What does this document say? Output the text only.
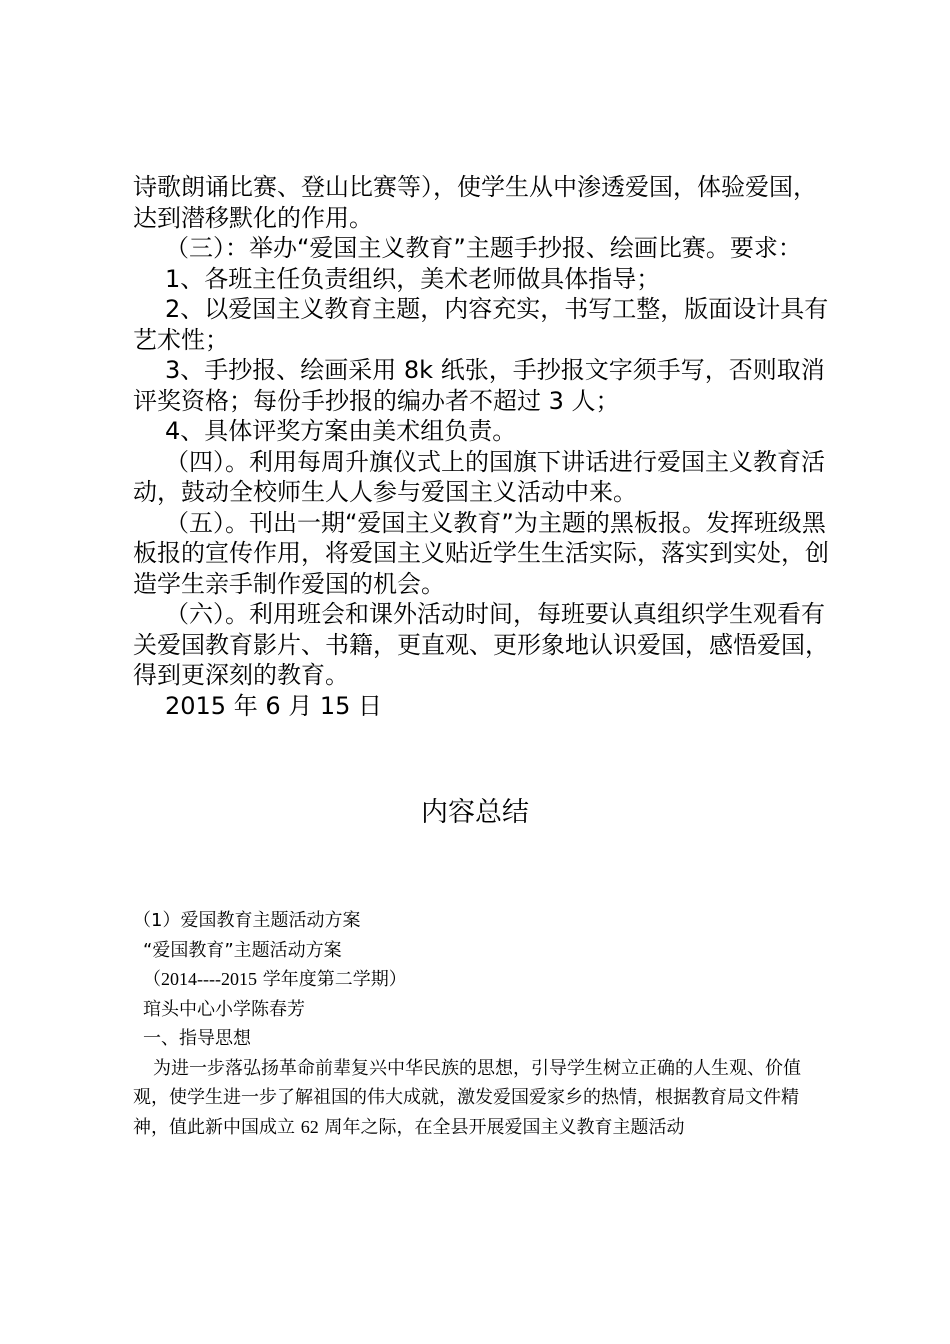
诗歌朗诵比赛、登山比赛等），使学生从中渗透爱国，体验爱国，达到潜移默化的作用。

（三）：举办“爱国主义教育”主题手抄报、绘画比赛。要求：

1、各班主任负责组织，美术老师做具体指导；

2、以爱国主义教育主题，内容充实，书写工整，版面设计具有艺术性；

3、手抄报、绘画采用 8k 纸张，手抄报文字须手写，否则取消评奖资格；每份手抄报的编办者不超过 3 人；

4、具体评奖方案由美术组负责。

（四）。利用每周升旗仪式上的国旗下讲话进行爱国主义教育活动，鼓动全校师生人人参与爱国主义活动中来。

（五）。刊出一期“爱国主义教育”为主题的黑板报。发挥班级黑板报的宣传作用，将爱国主义贴近学生生活实际，落实到实处，创造学生亲手制作爱国的机会。

（六）。利用班会和课外活动时间，每班要认真组织学生观看有关爱国教育影片、书籍，更直观、更形象地认识爱国，感悟爱国，得到更深刻的教育。

2015 年 6 月 15 日

内容总结

（1）爱国教育主题活动方案

“爱国教育”主题活动方案

（2014----2015 学年度第二学期）

琯头中心小学陈春芳

一、指导思想

为进一步落弘扬革命前辈复兴中华民族的思想，引导学生树立正确的人生观、价值观，使学生进一步了解祖国的伟大成就，激发爱国爱家乡的热情，根据教育局文件精神，值此新中国成立 62 周年之际，在全县开展爱国主义教育主题活动
